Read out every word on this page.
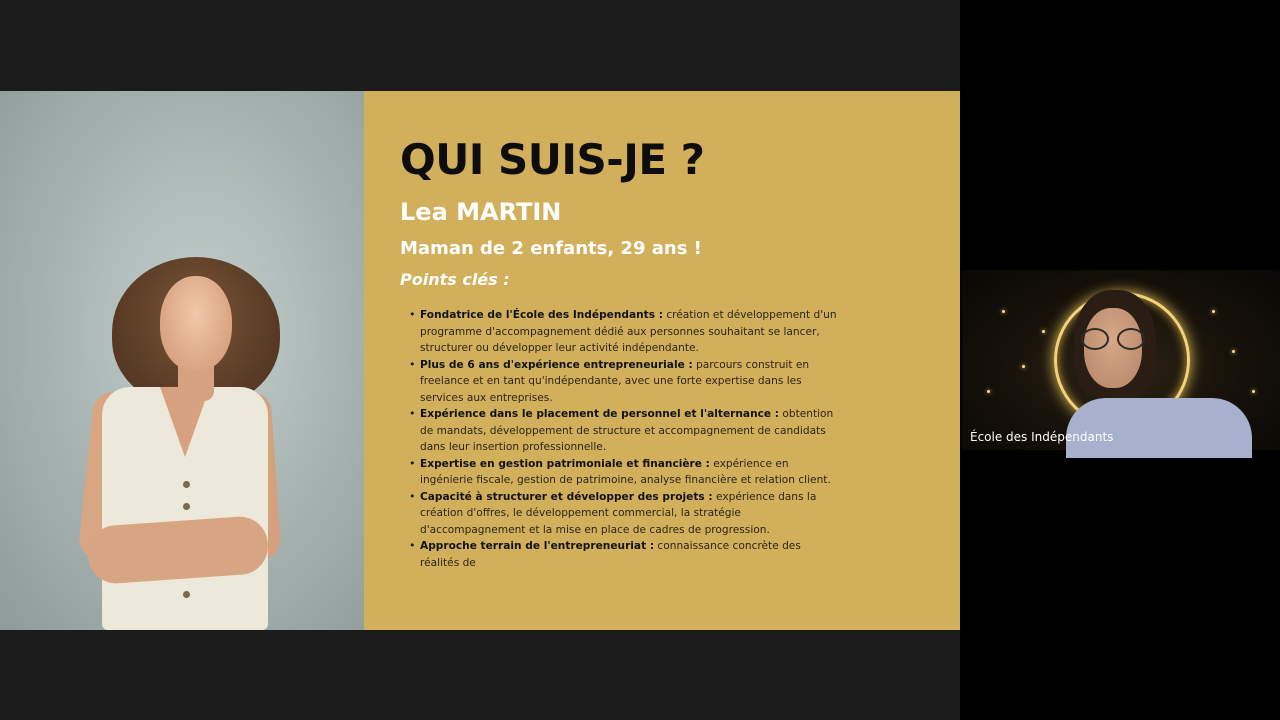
QUI SUIS-JE ?
Lea MARTIN
Maman de 2 enfants, 29 ans !
Points clés :
• Fondatrice de l'École des Indépendants : création et développement d'un programme d'accompagnement dédié aux personnes souhaitant se lancer, structurer ou développer leur activité indépendante.
• Plus de 6 ans d'expérience entrepreneuriale : parcours construit en freelance et en tant qu'indépendante, avec une forte expertise dans les services aux entreprises.
• Expérience dans le placement de personnel et l'alternance : obtention de mandats, développement de structure et accompagnement de candidats dans leur insertion professionnelle.
• Expertise en gestion patrimoniale et financière : expérience en ingénierie fiscale, gestion de patrimoine, analyse financière et relation client.
• Capacité à structurer et développer des projets : expérience dans la création d'offres, le développement commercial, la stratégie d'accompagnement et la mise en place de cadres de progression.
• Approche terrain de l'entrepreneuriat : connaissance concrète des réalités de
École des Indépendants
